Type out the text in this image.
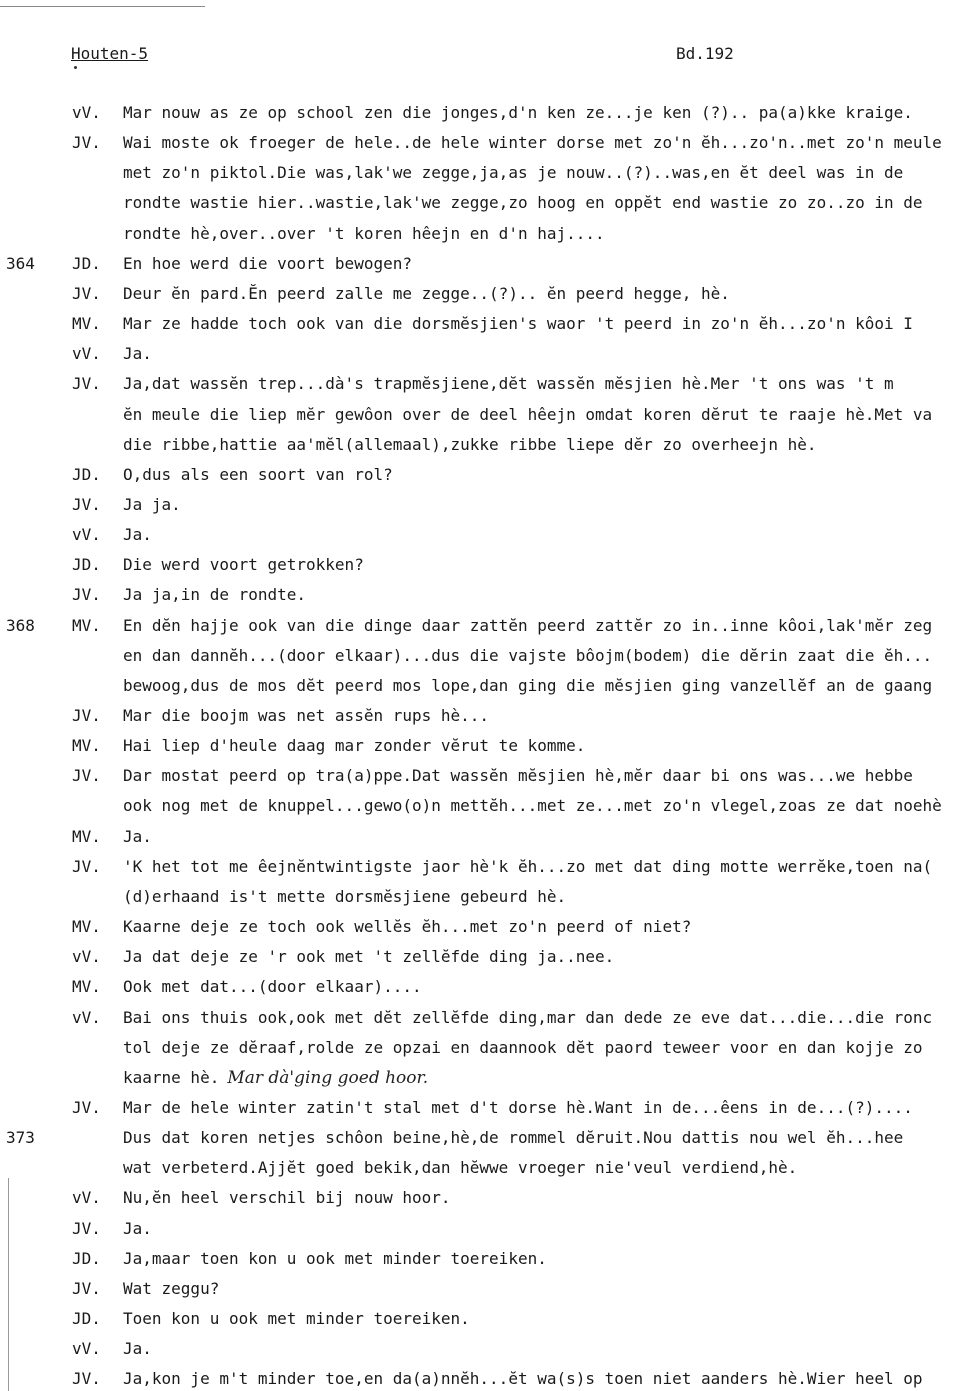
Houten-5	Bd.192
vV. Mar nouw as ze op school zen die jonges,d'n ken ze...je ken (?).. pa(a)kke kraige.
JV. Wai moste ok froeger de hele..de hele winter dorse met zo'n ĕh...zo'n..met zo'n meule
met zo'n piktol.Die was,lak'we zegge,ja,as je nouw..(?)..was,en ĕt deel was in de
rondte wastie hier..wastie,lak'we zegge,zo hoog en oppĕt end wastie zo zo..zo in de
rondte hè,over..over 't koren hêejn en d'n haj....
364 JD. En hoe werd die voort bewogen?
JV. Deur ĕn pard.Ĕn peerd zalle me zegge..(?).. ĕn peerd hegge, hè.
MV. Mar ze hadde toch ook van die dorsmĕsjien's waor 't peerd in zo'n ĕh...zo'n kôoi I
vV. Ja.
JV. Ja,dat wassĕn trep...dà's trapmĕsjiene,dĕt wassĕn mĕsjien hè.Mer 't ons was 't m
ĕn meule die liep mĕr gewôon over de deel hêejn omdat koren dĕrut te raaje hè.Met va
die ribbe,hattie aa'mĕl(allemaal),zukke ribbe liepe dĕr zo overheejn hè.
JD. O,dus als een soort van rol?
JV. Ja ja.
vV. Ja.
JD. Die werd voort getrokken?
JV. Ja ja,in de rondte.
368 MV. En dĕn hajje ook van die dinge daar zattĕn peerd zattĕr zo in..inne kôoi,lak'mĕr zeg
en dan dannĕh...(door elkaar)...dus die vajste bôojm(bodem) die dĕrin zaat die ĕh...
bewoog,dus de mos dĕt peerd mos lope,dan ging die mĕsjien ging vanzellĕf an de gaang
JV. Mar die boojm was net assĕn rups hè...
MV. Hai liep d'heule daag mar zonder vĕrut te komme.
JV. Dar mostat peerd op tra(a)ppe.Dat wassĕn mĕsjien hè,mĕr daar bi ons was...we hebbe
ook nog met de knuppel...gewo(o)n mettĕh...met ze...met zo'n vlegel,zoas ze dat noehè
MV. Ja.
JV. 'K het tot me êejnĕntwintigste jaor hè'k ĕh...zo met dat ding motte werrĕke,toen na(
(d)erhaand is't mette dorsmĕsjiene gebeurd hè.
MV. Kaarne deje ze toch ook wellĕs ĕh...met zo'n peerd of niet?
vV. Ja dat deje ze 'r ook met 't zellĕfde ding ja..nee.
MV. Ook met dat...(door elkaar)....
vV. Bai ons thuis ook,ook met dĕt zellĕfde ding,mar dan dede ze eve dat...die...die ronc
tol deje ze dĕraaf,rolde ze opzai en daannook dĕt paord teweer voor en dan kojje zo
kaarne hè. Mar dà'ging goed hoor.
JV. Mar de hele winter zatin't stal met d't dorse hè.Want in de...êens in de...(?)....
373	Dus dat koren netjes schôon beine,hè,de rommel dĕruit.Nou dattis nou wel ĕh...hee
wat verbeterd.Ajjĕt goed bekik,dan hĕwwe vroeger nie'veul verdiend,hè.
vV. Nu,ĕn heel verschil bij nouw hoor.
JV. Ja.
JD. Ja,maar toen kon u ook met minder toereiken.
JV. Wat zeggu?
JD. Toen kon u ook met minder toereiken.
vV. Ja.
JV. Ja,kon je m't minder toe,en da(a)nnĕh...ĕt wa(s)s toen niet aanders hè.Wier heel op
